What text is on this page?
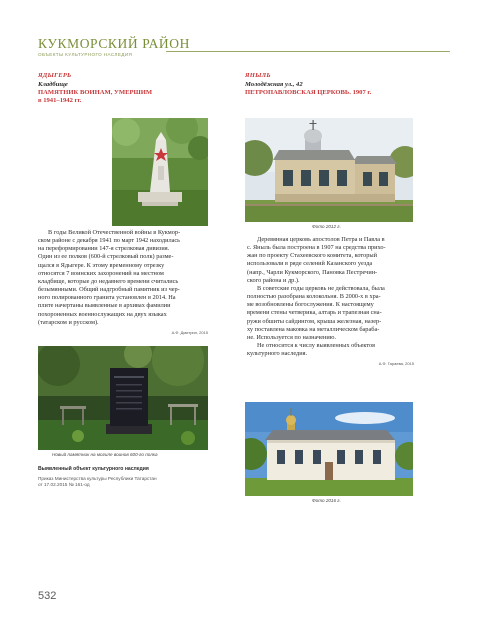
КУКМОРСКИЙ РАЙОН
ОБЪЕКТЫ КУЛЬТУРНОГО НАСЛЕДИЯ
ЯДЫГЕРЬ
Кладбище
ПАМЯТНИК ВОИНАМ, УМЕРШИМ
в 1941–1942 гг.
ЯНЫЛЬ
Молодёжная ул., 42
ПЕТРОПАВЛОВСКАЯ ЦЕРКОВЬ. 1907 г.
В годы Великой Отечественной войны в Кукмор-
ском районе с декабря 1941 по март 1942 находилась
на переформировании 147-я стрелковая дивизия.
Один из ее полков (600-й стрелковый полк) разме-
щался в Ядыгере. К этому временному отрезку
относятся 7 воинских захоронений на местном
кладбище, которые до недавнего времени считались
безымянными. Общий надгробный памятник из чер-
ного полированного гранита установлен в 2014. На
плите начертаны выявленные в архивах фамилии
похороненных военнослужащих на двух языках
(татарском и русском).
А.Ф. Дмитрин, 2015
Новый памятник на могиле воинов 600-го полка
Выявленный объект культурного наследия
Приказ Министерства культуры Республики Татарстан
от 17.02.2015 № 161-од
Фото 2012 г.
Деревянная церковь апостолов Петра и Павла в
с. Яныль была построена в 1907 на средства прихо-
жан по проекту Стахеевского комитета, который
использовали в ряде селений Казанского уезда
(напр., Чарли Кукморского, Пановка Пестречин-
ского района и др.).
В советские годы церковь не действовала, была
полностью разобрана колокольня. В 2000-х в хра-
ме возобновлены богослужения. К настоящему
времени стены четверика, алтарь и трапезная сна-
ружи обшиты сайдингом, крыша железная, назер-
ху поставлена маковка на металлическом бараба-
не. Используется по назначению.
Не относится к числу выявленных объектов
культурного наследия.
А.Ф. Гараева, 2015
Фото 2016 г.
532
